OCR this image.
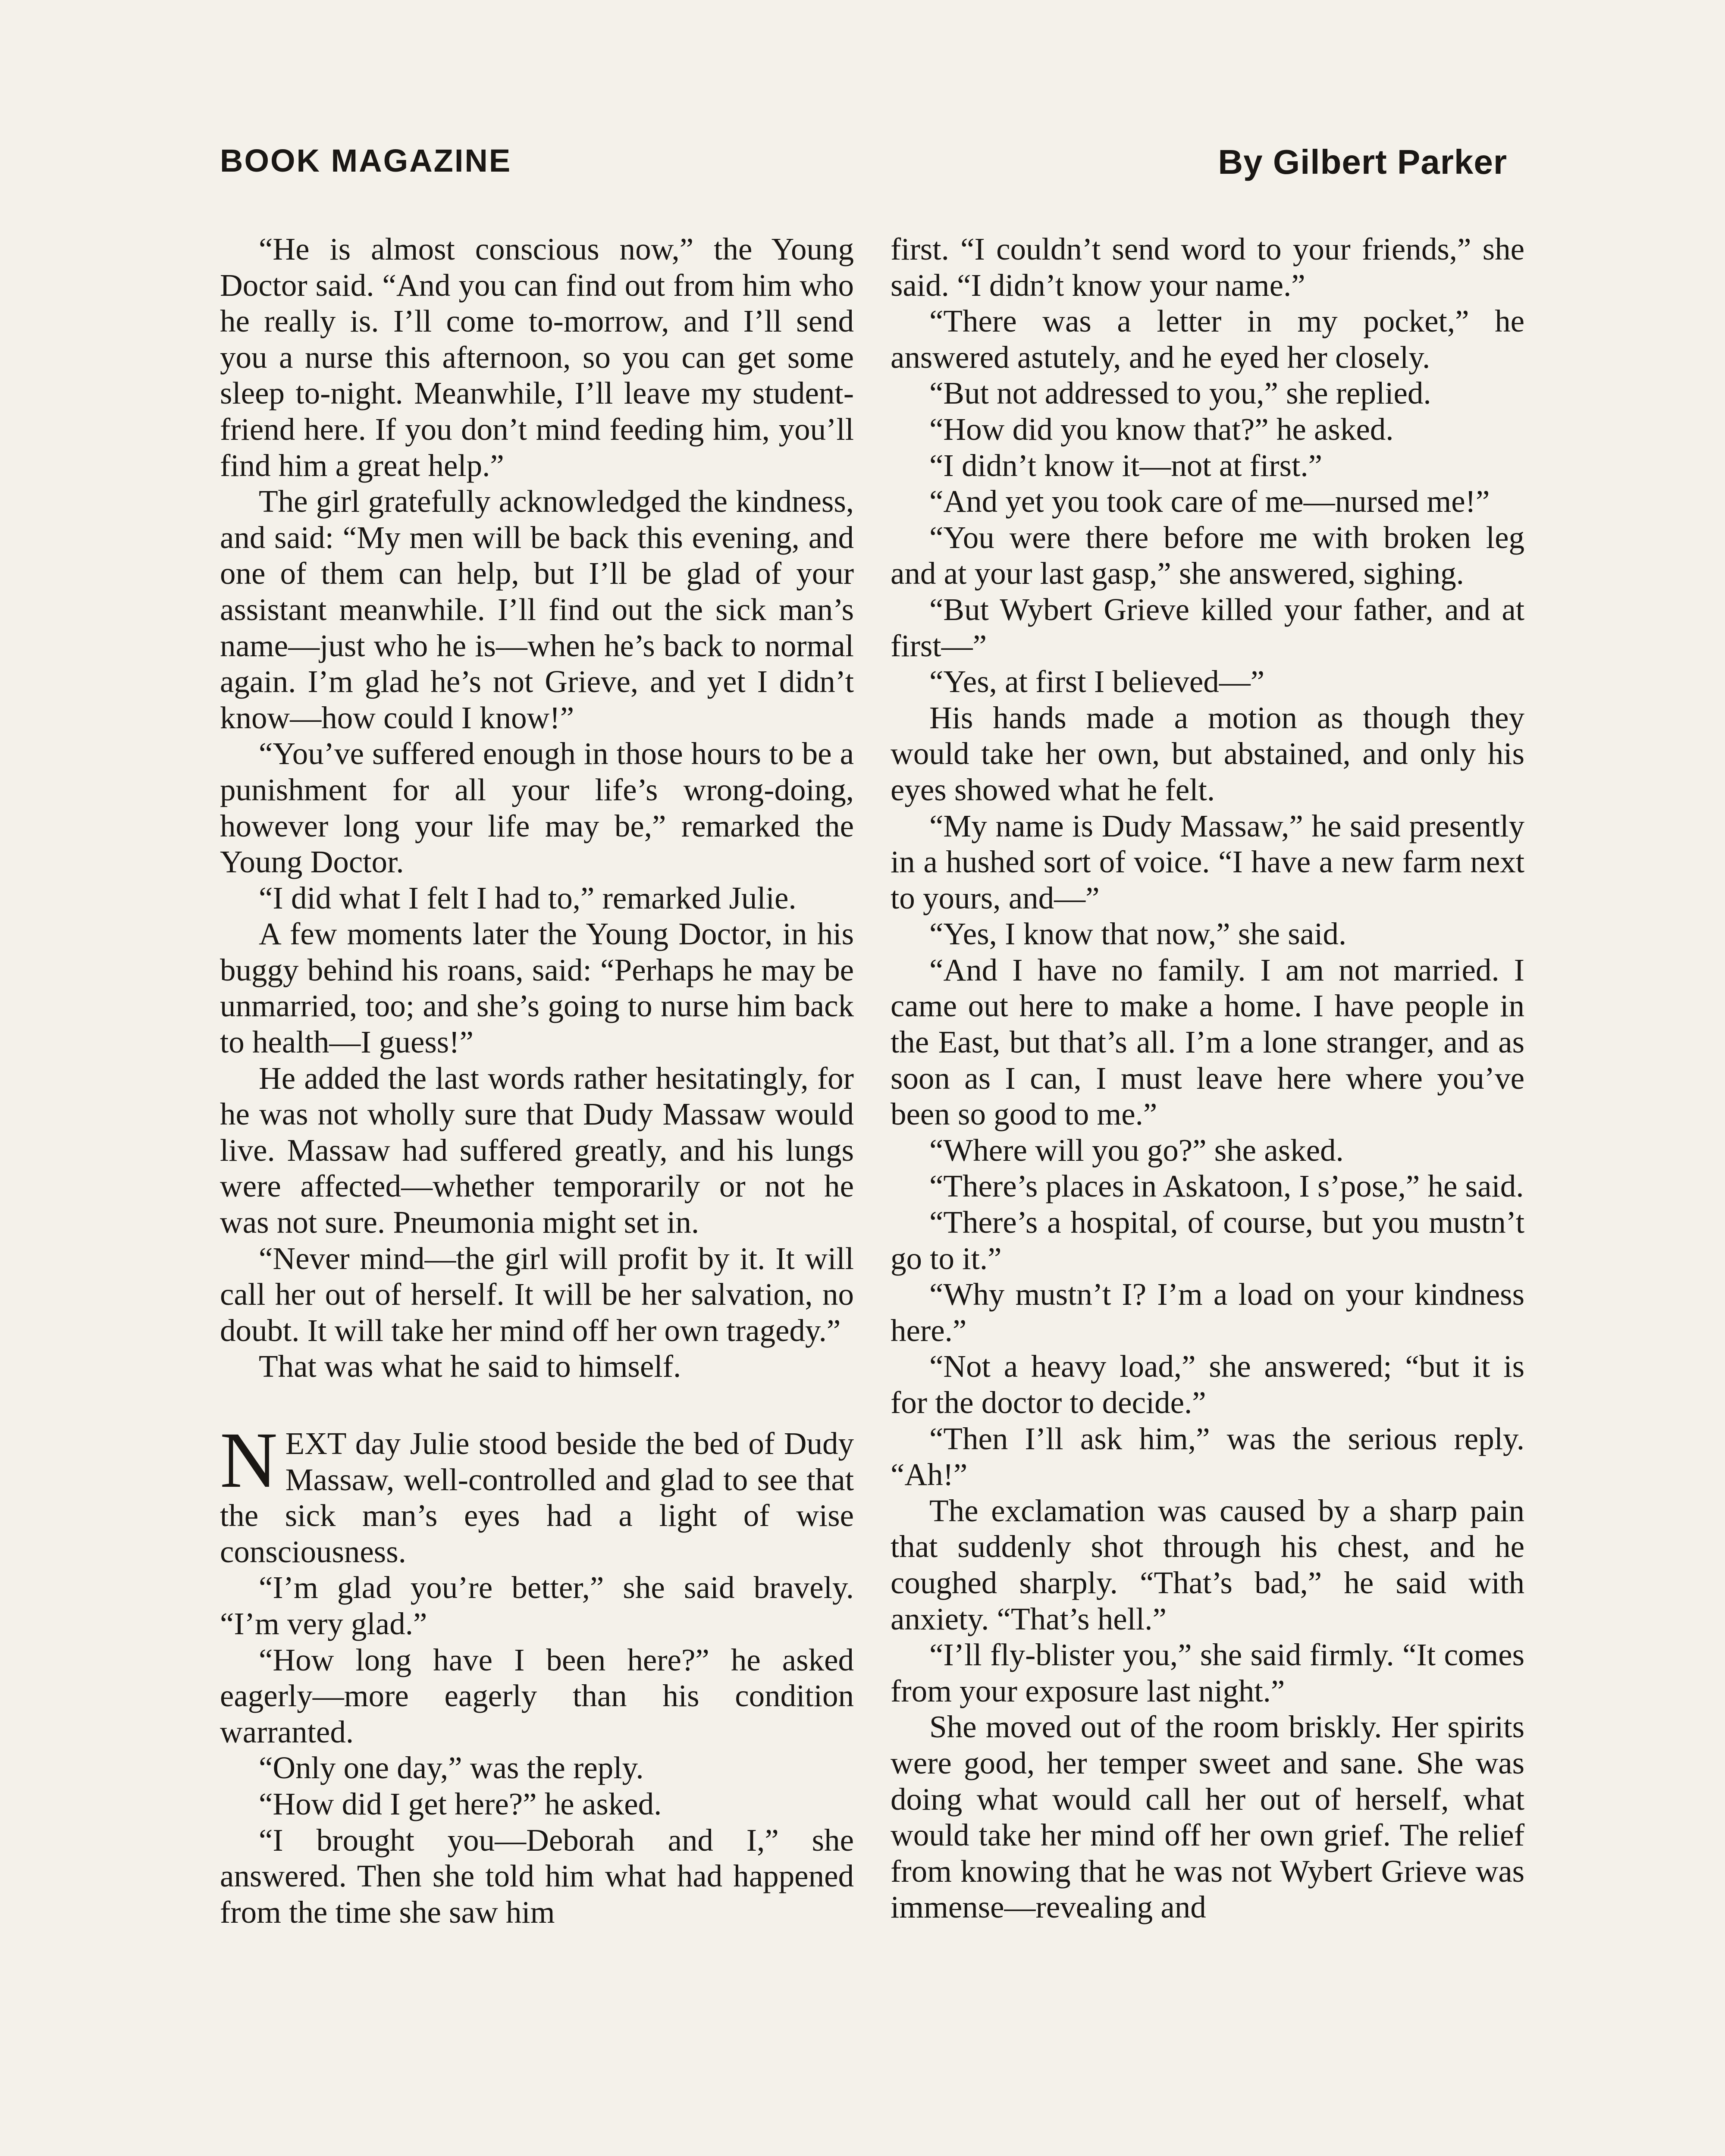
BOOK MAGAZINE	By Gilbert Parker

“He is almost conscious now,” the Young Doctor said. “And you can find out from him who he really is. I’ll come to-morrow, and I’ll send you a nurse this afternoon, so you can get some sleep to-night. Meanwhile, I’ll leave my student-friend here. If you don’t mind feeding him, you’ll find him a great help.”

The girl gratefully acknowledged the kindness, and said: “My men will be back this evening, and one of them can help, but I’ll be glad of your assistant meanwhile. I’ll find out the sick man’s name—just who he is—when he’s back to normal again. I’m glad he’s not Grieve, and yet I didn’t know—how could I know!”

“You’ve suffered enough in those hours to be a punishment for all your life’s wrong-doing, however long your life may be,” remarked the Young Doctor.

“I did what I felt I had to,” remarked Julie.

A few moments later the Young Doctor, in his buggy behind his roans, said: “Perhaps he may be unmarried, too; and she’s going to nurse him back to health—I guess!”

He added the last words rather hesitatingly, for he was not wholly sure that Dudy Massaw would live. Massaw had suffered greatly, and his lungs were affected—whether temporarily or not he was not sure. Pneumonia might set in.

“Never mind—the girl will profit by it. It will call her out of herself. It will be her salvation, no doubt. It will take her mind off her own tragedy.”

That was what he said to himself.

NEXT day Julie stood beside the bed of Dudy Massaw, well-controlled and glad to see that the sick man’s eyes had a light of wise consciousness.

“I’m glad you’re better,” she said bravely. “I’m very glad.”

“How long have I been here?” he asked eagerly—more eagerly than his condition warranted.

“Only one day,” was the reply.

“How did I get here?” he asked.

“I brought you—Deborah and I,” she answered. Then she told him what had happened from the time she saw him

first. “I couldn’t send word to your friends,” she said. “I didn’t know your name.”

“There was a letter in my pocket,” he answered astutely, and he eyed her closely.

“But not addressed to you,” she replied.

“How did you know that?” he asked.

“I didn’t know it—not at first.”

“And yet you took care of me—nursed me!”

“You were there before me with broken leg and at your last gasp,” she answered, sighing.

“But Wybert Grieve killed your father, and at first—”

“Yes, at first I believed—”

His hands made a motion as though they would take her own, but abstained, and only his eyes showed what he felt.

“My name is Dudy Massaw,” he said presently in a hushed sort of voice. “I have a new farm next to yours, and—”

“Yes, I know that now,” she said.

“And I have no family. I am not married. I came out here to make a home. I have people in the East, but that’s all. I’m a lone stranger, and as soon as I can, I must leave here where you’ve been so good to me.”

“Where will you go?” she asked.

“There’s places in Askatoon, I s’pose,” he said.

“There’s a hospital, of course, but you mustn’t go to it.”

“Why mustn’t I? I’m a load on your kindness here.”

“Not a heavy load,” she answered; “but it is for the doctor to decide.”

“Then I’ll ask him,” was the serious reply. “Ah!”

The exclamation was caused by a sharp pain that suddenly shot through his chest, and he coughed sharply. “That’s bad,” he said with anxiety. “That’s hell.”

“I’ll fly-blister you,” she said firmly. “It comes from your exposure last night.”

She moved out of the room briskly. Her spirits were good, her temper sweet and sane. She was doing what would call her out of herself, what would take her mind off her own grief. The relief from knowing that he was not Wybert Grieve was immense—revealing and
